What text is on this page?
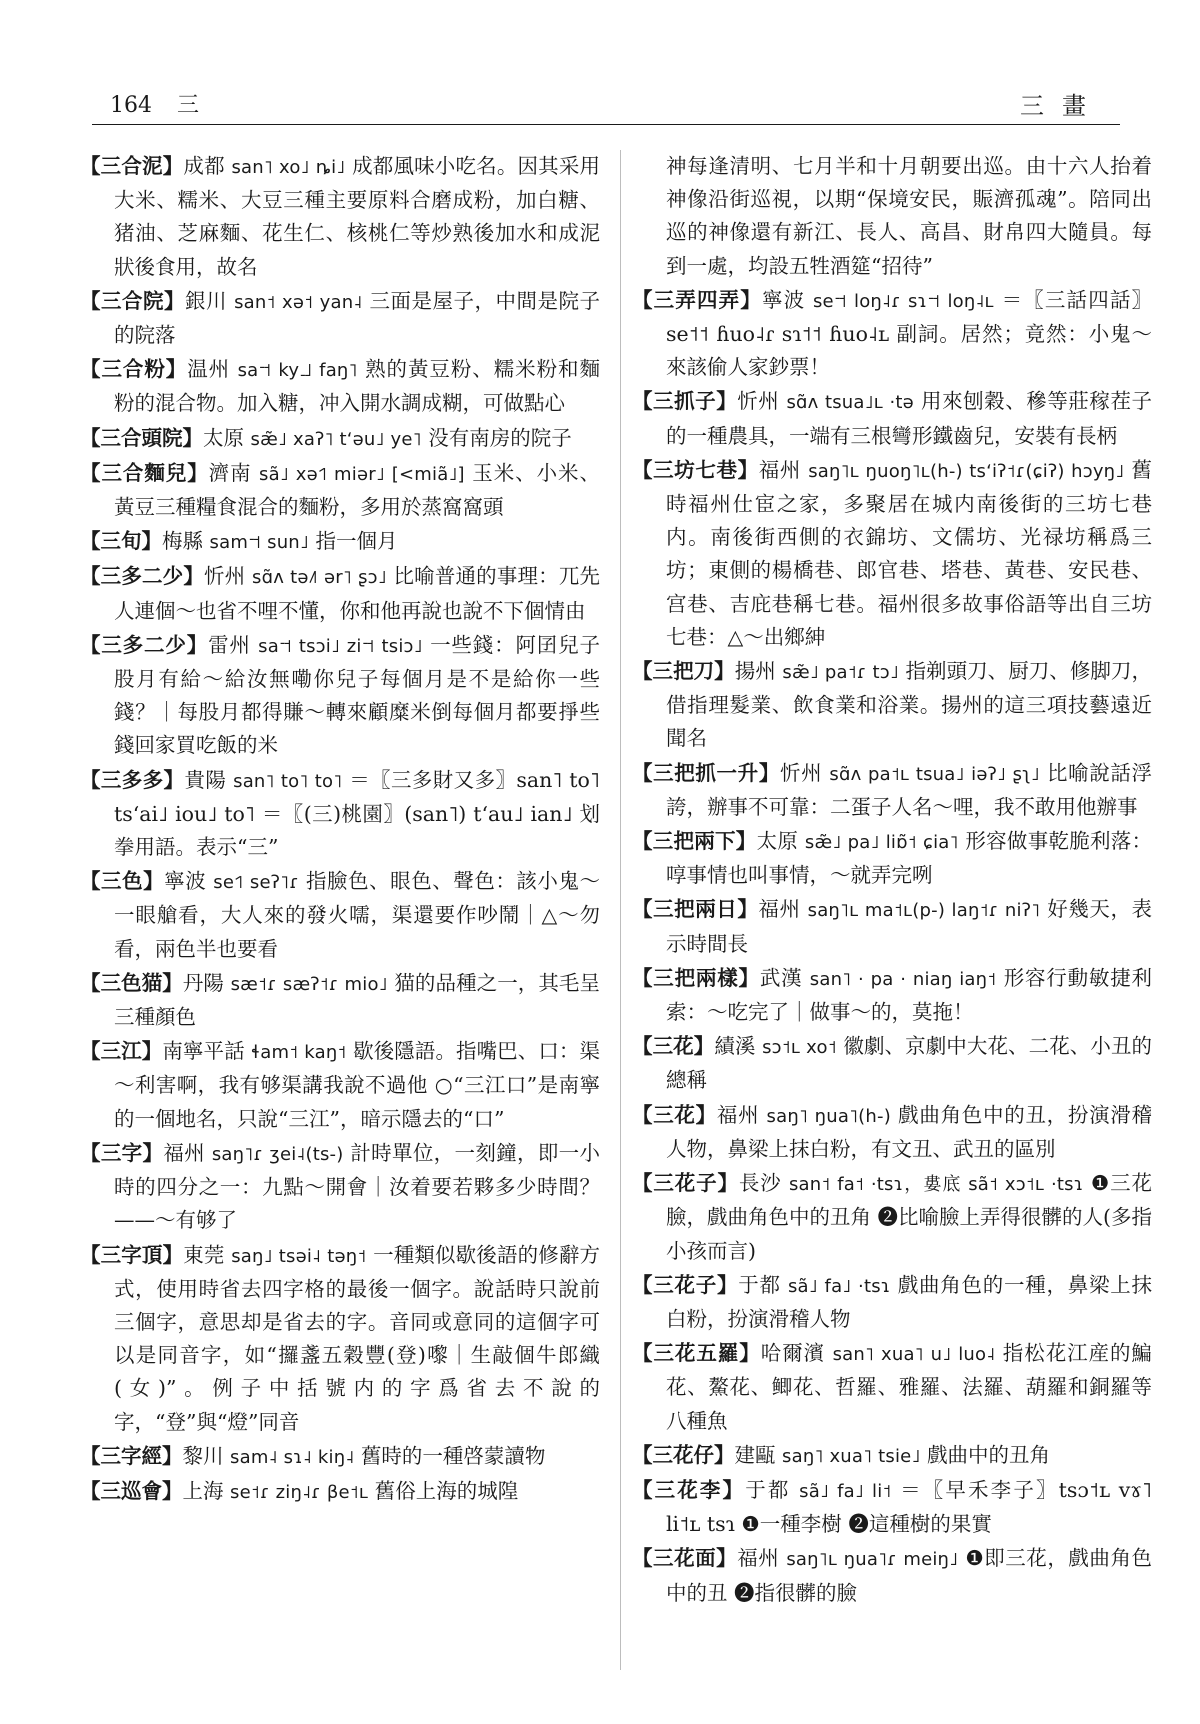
164 三	三畫

【三合泥】成都 san˥ xo˩ ȵi˩ 成都風味小吃名。因其采用大米、糯米、大豆三種主要原料合磨成粉，加白糖、猪油、芝麻麵、花生仁、核桃仁等炒熟後加水和成泥狀後食用，故名

【三合院】銀川 san˦ xə˦ yan˨ 三面是屋子，中間是院子的院落

【三合粉】温州 sa˦˦ ky˩˩ faŋ˥ 熟的黃豆粉、糯米粉和麵粉的混合物。加入糖，冲入開水調成糊，可做點心

【三合頭院】太原 sæ̃˩ xaʔ˥ tʻəu˩ ye˥ 没有南房的院子

【三合麵兒】濟南 sã˩ xə˦˥ miər˩ [<miã˩] 玉米、小米、黃豆三種糧食混合的麵粉，多用於蒸窩窩頭

【三旬】梅縣 sam˦˦ sun˩ 指一個月

【三多二少】忻州 sɑ̃ʌ tə˩˥ ər˥ ʂɔ˩ 比喻普通的事理：兀先人連個～也省不哩不懂，你和他再說也說不下個情由

【三多二少】雷州 sa˦˦ tsɔi˩ zi˦˦ tsiɔ˩ 一些錢：阿囝兒子股月有給～給汝無嘞你兒子每個月是不是給你一些錢？｜每股月都得賺～轉來顧糜米倒每個月都要掙些錢回家買吃飯的米

【三多多】貴陽 san˥ to˥ to˥ ＝〖三多財又多〗san˥ to˥ tsʻai˩ iou˩ to˥ ＝〖(三)桃園〗(san˥) tʻau˩ ian˩ 划拳用語。表示“三”

【三色】寧波 se˦˥ seʔ˥ɾ 指臉色、眼色、聲色：該小鬼～一眼艙看，大人來的發火嚅，渠還要作吵鬧｜△～勿看，兩色半也要看

【三色猫】丹陽 sæ˦ɾ sæʔ˦ɾ mio˩ 猫的品種之一，其毛呈三種顏色

【三江】南寧平話 ɬam˦ kaŋ˦ 歇後隱語。指嘴巴、口：渠～利害啊，我有够渠講我說不過他 ○“三江口”是南寧的一個地名，只說“三江”，暗示隱去的“口”

【三字】福州 saŋ˥ɾ ʒei˨(ts-) 計時單位，一刻鐘，即一小時的四分之一：九點～開會｜汝着要若夥多少時間？——～有够了

【三字頂】東莞 saŋ˩ tsəi˨ təŋ˦ 一種類似歇後語的修辭方式，使用時省去四字格的最後一個字。說話時只說前三個字，意思却是省去的字。音同或意同的這個字可以是同音字，如“攞盞五穀豐(登)嚟｜生敲個牛郎織(女)”。例子中括號内的字爲省去不說的字，“登”與“燈”同音

【三字經】黎川 sam˨ sɿ˨ kiŋ˨ 舊時的一種啓蒙讀物

【三巡會】上海 se˦ɾ ziŋ˨ɾ βe˦ʟ 舊俗上海的城隍

神每逢清明、七月半和十月朝要出巡。由十六人抬着神像沿街巡視，以期“保境安民，賑濟孤魂”。陪同出巡的神像還有新江、長人、高昌、財帛四大隨員。每到一處，均設五牲酒筵“招待”

【三弄四弄】寧波 se˦˦ loŋ˨ɾ sɿ˦˦ loŋ˨ʟ ＝〖三話四話〗se˦˦ ɦuo˨ɾ sɿ˦˦ ɦuo˨ʟ 副詞。居然；竟然：小鬼～來該偷人家鈔票！

【三抓子】忻州 sɑ̃ʌ tsua˩ʟ ·tə 用來刨穀、穇等莊稼茬子的一種農具，一端有三根彎形鐵齒兒，安裝有長柄

【三坊七巷】福州 saŋ˥ʟ ŋuoŋ˥ʟ(h-) tsʻiʔ˦ɾ(ɕiʔ) hɔyŋ˩ 舊時福州仕宦之家，多聚居在城内南後街的三坊七巷内。南後街西側的衣錦坊、文儒坊、光禄坊稱爲三坊；東側的楊橋巷、郎官巷、塔巷、黃巷、安民巷、宫巷、吉庇巷稱七巷。福州很多故事俗語等出自三坊七巷：△～出鄉紳

【三把刀】揚州 sæ̃˩ pa˦ɾ tɔ˩ 指剃頭刀、厨刀、修脚刀，借指理髮業、飲食業和浴業。揚州的這三項技藝遠近聞名

【三把抓一升】忻州 sɑ̃ʌ pa˦ʟ tsua˩ iəʔ˩ ʂʅ˩ 比喻說話浮誇，辦事不可靠：二蛋子人名～哩，我不敢用他辦事

【三把兩下】太原 sæ̃˩ pa˩ liɒ̃˦ ɕia˥ 形容做事乾脆利落：啍事情也叫事情，～就弄完咧

【三把兩日】福州 saŋ˥ʟ ma˦ʟ(p-) laŋ˦ɾ niʔ˥ 好幾天，表示時間長

【三把兩樣】武漢 san˥ · pa · niaŋ iaŋ˦ 形容行動敏捷利索：～吃完了｜做事～的，莫拖！

【三花】績溪 sɔ˦ʟ xo˦ 徽劇、京劇中大花、二花、小丑的總稱

【三花】福州 saŋ˥ ŋua˥(h-) 戲曲角色中的丑，扮演滑稽人物，鼻梁上抹白粉，有文丑、武丑的區別

【三花子】長沙 san˦ fa˦ ·tsɿ，婁底 sã˦ xɔ˦ʟ ·tsɿ ❶三花臉，戲曲角色中的丑角 ❷比喻臉上弄得很髒的人(多指小孩而言)

【三花子】于都 sã˩ fa˩ ·tsɿ 戲曲角色的一種，鼻梁上抹白粉，扮演滑稽人物

【三花五羅】哈爾濱 san˥ xua˥ u˩ luo˨ 指松花江産的鯿花、鰲花、鲫花、哲羅、雅羅、法羅、葫羅和銅羅等八種魚

【三花仔】建甌 saŋ˥ xua˥ tsie˩ 戲曲中的丑角

【三花李】于都 sã˩ fa˩ li˦ ＝〖早禾李子〗tsɔ˦ʟ vɤ˥ li˦ʟ tsɿ ❶一種李樹 ❷這種樹的果實

【三花面】福州 saŋ˥ʟ ŋua˥ɾ meiŋ˩ ❶即三花，戲曲角色中的丑 ❷指很髒的臉
